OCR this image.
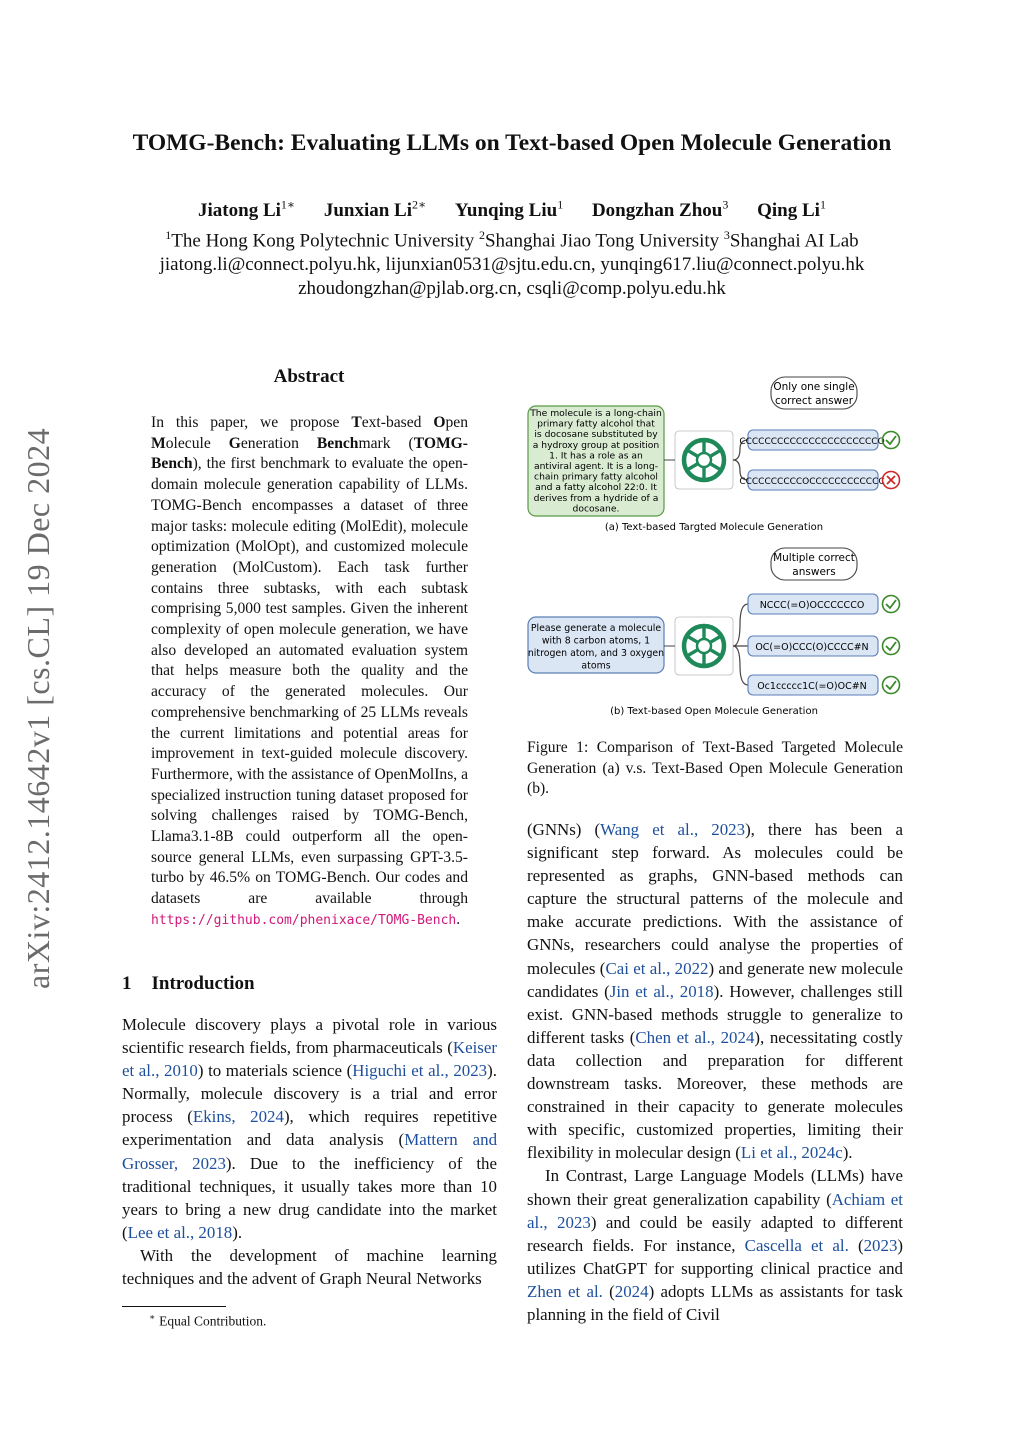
TOMG-Bench: Evaluating LLMs on Text-based Open Molecule Generation
Jiatong $Li^{1∗}$ Junxian $Li^{2∗}$ Yunqing Liu$^1$ Dongzhan Zhou$^3$ Qing Li$^1$
$^1$The Hong Kong Polytechnic University $^2$Shanghai Jiao Tong University $^3$Shanghai AI Lab
jiatong.li@connect.polyu.hk, lijunxian0531@sjtu.edu.cn, yunqing617.liu@connect.polyu.hk
zhoudongzhan@pjlab.org.cn, csqli@comp.polyu.edu.hk
arXiv:2412.14642v1 [cs.CL] 19 Dec 2024
Abstract
In this paper, we propose Text-based Open Molecule Generation Benchmark (TOMG-Bench), the first benchmark to evaluate the open-domain molecule generation capability of LLMs. TOMG-Bench encompasses a dataset of three major tasks: molecule editing (MolEdit), molecule optimization (MolOpt), and customized molecule generation (MolCustom). Each task further contains three subtasks, with each subtask comprising 5,000 test samples. Given the inherent complexity of open molecule generation, we have also developed an automated evaluation system that helps measure both the quality and the accuracy of the generated molecules. Our comprehensive benchmarking of 25 LLMs reveals the current limitations and potential areas for improvement in text-guided molecule discovery. Furthermore, with the assistance of OpenMolIns, a specialized instruction tuning dataset proposed for solving challenges raised by TOMG-Bench, Llama3.1-8B could outperform all the open-source general LLMs, even surpassing GPT-3.5-turbo by 46.5% on TOMG-Bench. Our codes and datasets are available through https://github.com/phenixace/TOMG-Bench.
1 Introduction

Molecule discovery plays a pivotal role in various scientific research fields, from pharmaceuticals (Keiser et al., 2010) to materials science (Higuchi et al., 2023). Normally, molecule discovery is a trial and error process (Ekins, 2024), which requires repetitive experimentation and data analysis (Mattern and Grosser, 2023). Due to the inefficiency of the traditional techniques, it usually takes more than 10 years to bring a new drug candidate into the market (Lee et al., 2018).

With the development of machine learning techniques and the advent of Graph Neural Networks

∗ Equal Contribution.
Only one single
correct answer
The molecule is a long-chain
primary fatty alcohol that
is docosane substituted by
a hydroxy group at position
1. It has a role as an
antiviral agent. It is a long-
chain primary fatty alcohol
and a fatty alcohol 22:0. It
derives from a hydride of a
docosane.
CCCCCCCCCCCCCCCCCCCCCCO
CCCCCCCCCCOCCCCCCCCCCCC
(a) Text-based Targted Molecule Generation
Multiple correct
answers
Please generate a molecule
with 8 carbon atoms, 1
nitrogen atom, and 3 oxygen
atoms
NCCC(=O)OCCCCCCO
OC(=O)CCC(O)CCCC#N
Oc1ccccc1C(=O)OC#N
(b) Text-based Open Molecule Generation
Figure 1: Comparison of Text-Based Targeted Molecule Generation (a) v.s. Text-Based Open Molecule Generation (b).

(GNNs) (Wang et al., 2023), there has been a significant step forward. As molecules could be represented as graphs, GNN-based methods can capture the structural patterns of the molecule and make accurate predictions. With the assistance of GNNs, researchers could analyse the properties of molecules (Cai et al., 2022) and generate new molecule candidates (Jin et al., 2018). However, challenges still exist. GNN-based methods struggle to generalize to different tasks (Chen et al., 2024), necessitating costly data collection and preparation for different downstream tasks. Moreover, these methods are constrained in their capacity to generate molecules with specific, customized properties, limiting their flexibility in molecular design (Li et al., 2024c).

In Contrast, Large Language Models (LLMs) have shown their great generalization capability (Achiam et al., 2023) and could be easily adapted to different research fields. For instance, Cascella et al. (2023) utilizes ChatGPT for supporting clinical practice and Zhen et al. (2024) adopts LLMs as assistants for task planning in the field of Civil
